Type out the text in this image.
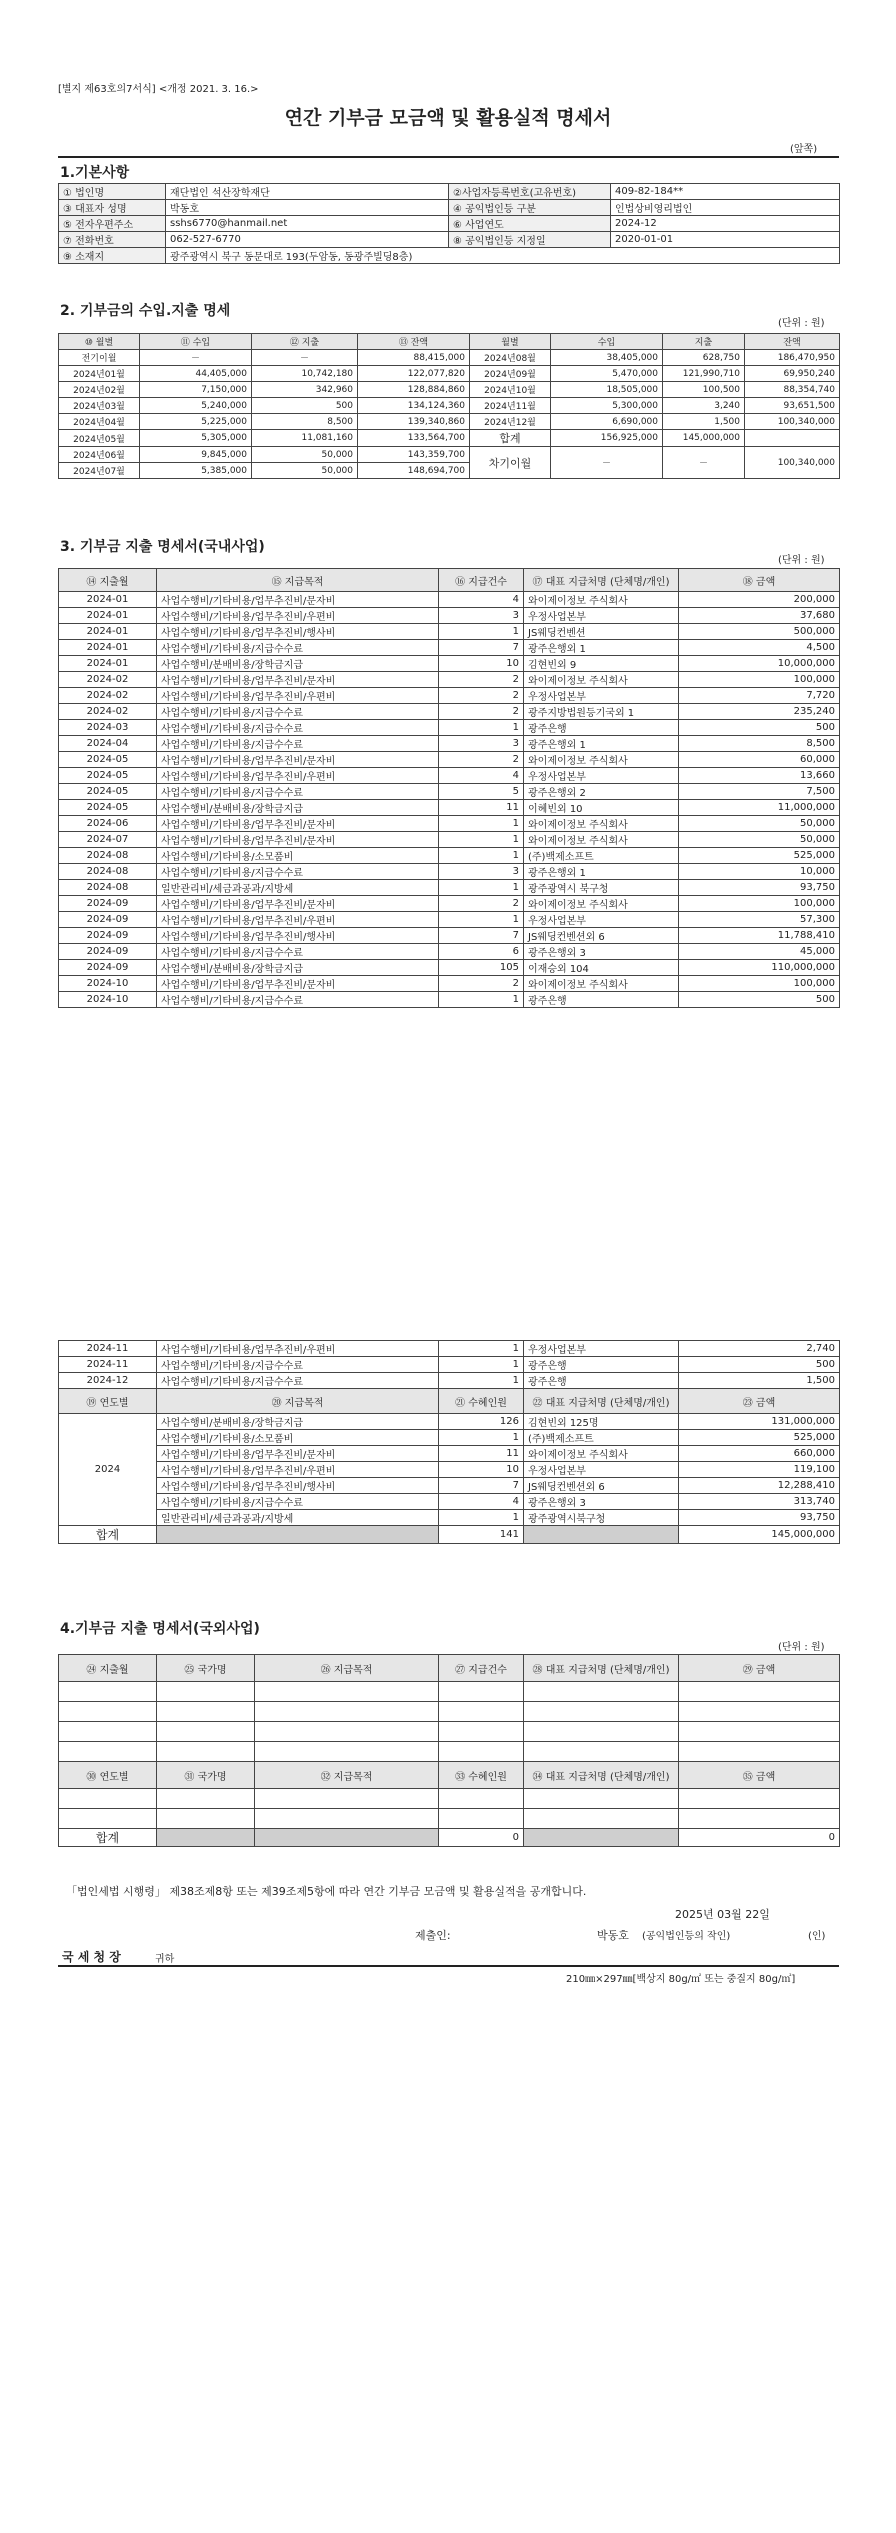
[별지 제63호의7서식] <개정 2021. 3. 16.>
연간 기부금 모금액 및 활용실적 명세서
(앞쪽)
1.기본사항
① 법인명	재단법인 석산장학재단	②사업자등록번호(고유번호)	409-82-184**
③ 대표자 성명	박동호	④ 공익법인등 구분	인법상비영리법인
⑤ 전자우편주소	sshs6770@hanmail.net	⑥ 사업연도	2024-12
⑦ 전화번호	062-527-6770	⑧ 공익법인등 지정일	2020-01-01
⑨ 소재지	광주광역시 북구 동문대로 193(두암동, 동광주빌딩8층)		
2. 기부금의 수입.지출 명세
(단위 : 원)
⑩ 월별	⑪ 수입	⑫ 지출	⑬ 잔액	월별	수입	지출	잔액
전기이월	－	－	88,415,000	2024년08월	38,405,000	628,750	186,470,950
2024년01월	44,405,000	10,742,180	122,077,820	2024년09월	5,470,000	121,990,710	69,950,240
2024년02월	7,150,000	342,960	128,884,860	2024년10월	18,505,000	100,500	88,354,740
2024년03월	5,240,000	500	134,124,360	2024년11월	5,300,000	3,240	93,651,500
2024년04월	5,225,000	8,500	139,340,860	2024년12월	6,690,000	1,500	100,340,000
2024년05월	5,305,000	11,081,160	133,564,700	합계	156,925,000	145,000,000	
2024년06월	9,845,000	50,000	143,359,700	차기이월	－	－	100,340,000
2024년07월	5,385,000	50,000	148,694,700				
3. 기부금 지출 명세서(국내사업)
(단위 : 원)
⑭ 지출월	⑮ 지급목적	⑯ 지급건수	⑰ 대표 지급처명 (단체명/개인)	⑱ 금액
2024-01	사업수행비/기타비용/업무추진비/문자비	4	와이제이정보 주식회사	200,000
2024-01	사업수행비/기타비용/업무추진비/우편비	3	우정사업본부	37,680
2024-01	사업수행비/기타비용/업무추진비/행사비	1	JS웨딩컨벤션	500,000
2024-01	사업수행비/기타비용/지급수수료	7	광주은행외 1	4,500
2024-01	사업수행비/분배비용/장학금지급	10	김현빈외 9	10,000,000
2024-02	사업수행비/기타비용/업무추진비/문자비	2	와이제이정보 주식회사	100,000
2024-02	사업수행비/기타비용/업무추진비/우편비	2	우정사업본부	7,720
2024-02	사업수행비/기타비용/지급수수료	2	광주지방법원등기국외 1	235,240
2024-03	사업수행비/기타비용/지급수수료	1	광주은행	500
2024-04	사업수행비/기타비용/지급수수료	3	광주은행외 1	8,500
2024-05	사업수행비/기타비용/업무추진비/문자비	2	와이제이정보 주식회사	60,000
2024-05	사업수행비/기타비용/업무추진비/우편비	4	우정사업본부	13,660
2024-05	사업수행비/기타비용/지급수수료	5	광주은행외 2	7,500
2024-05	사업수행비/분배비용/장학금지급	11	이혜빈외 10	11,000,000
2024-06	사업수행비/기타비용/업무추진비/문자비	1	와이제이정보 주식회사	50,000
2024-07	사업수행비/기타비용/업무추진비/문자비	1	와이제이정보 주식회사	50,000
2024-08	사업수행비/기타비용/소모품비	1	(주)백제소프트	525,000
2024-08	사업수행비/기타비용/지급수수료	3	광주은행외 1	10,000
2024-08	일반관리비/세금과공과/지방세	1	광주광역시 북구청	93,750
2024-09	사업수행비/기타비용/업무추진비/문자비	2	와이제이정보 주식회사	100,000
2024-09	사업수행비/기타비용/업무추진비/우편비	1	우정사업본부	57,300
2024-09	사업수행비/기타비용/업무추진비/행사비	7	JS웨딩컨벤션외 6	11,788,410
2024-09	사업수행비/기타비용/지급수수료	6	광주은행외 3	45,000
2024-09	사업수행비/분배비용/장학금지급	105	이재승외 104	110,000,000
2024-10	사업수행비/기타비용/업무추진비/문자비	2	와이제이정보 주식회사	100,000
2024-10	사업수행비/기타비용/지급수수료	1	광주은행	500
2024-11	사업수행비/기타비용/업무추진비/우편비	1	우정사업본부	2,740
2024-11	사업수행비/기타비용/지급수수료	1	광주은행	500
2024-12	사업수행비/기타비용/지급수수료	1	광주은행	1,500
⑲ 연도별	⑳ 지급목적	㉑ 수혜인원	㉒ 대표 지급처명 (단체명/개인)	㉓ 금액
2024	사업수행비/분배비용/장학금지급	126	김현빈외 125명	131,000,000
	사업수행비/기타비용/소모품비	1	(주)백제소프트	525,000
	사업수행비/기타비용/업무추진비/문자비	11	와이제이정보 주식회사	660,000
	사업수행비/기타비용/업무추진비/우편비	10	우정사업본부	119,100
	사업수행비/기타비용/업무추진비/행사비	7	JS웨딩컨벤션외 6	12,288,410
	사업수행비/기타비용/지급수수료	4	광주은행외 3	313,740
	일반관리비/세금과공과/지방세	1	광주광역시북구청	93,750
합계		141		145,000,000
4.기부금 지출 명세서(국외사업)
(단위 : 원)
㉔ 지출월	㉕ 국가명	㉖ 지급목적	㉗ 지급건수	㉘ 대표 지급처명 (단체명/개인)	㉙ 금액

㉚ 연도별	㉛ 국가명	㉜ 지급목적	㉝ 수혜인원	㉞ 대표 지급처명 (단체명/개인)	㉟ 금액

합계			0		0
「법인세법 시행령」 제38조제8항 또는 제39조제5항에 따라 연간 기부금 모금액 및 활용실적을 공개합니다.
2025년 03월 22일
제출인:	박동호 (공익법인등의 작인)	(인)
국 세 청 장	귀하
210㎜×297㎜[백상지 80g/㎡ 또는 중질지 80g/㎡]
